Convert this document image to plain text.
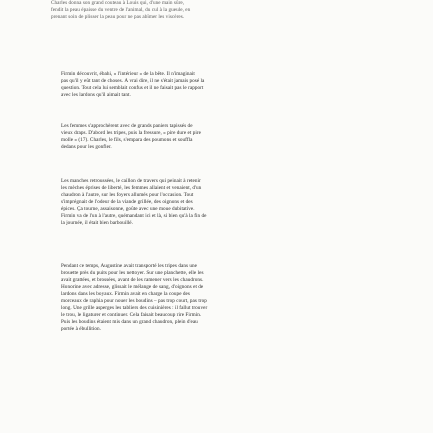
Charles donna son grand couteau à Louis qui, d'une main sûre,
fendit la peau épaisse du ventre de l'animal, du cul à la gueule, en
prenant soin de plisser la peau pour ne pas abîmer les viscères.

Firmin découvrit, ébahi, « l'intérieur » de la bête. Il n'imaginait
pas qu'il y eût tant de choses. À vrai dire, il ne s'était jamais posé la
question. Tout cela lui semblait confus et il ne faisait pas le rapport
avec les lardons qu'il aimait tant.

Les femmes s'approchèrent avec de grands paniers tapissés de
vieux draps. D'abord les tripes, puis la fressure, « pire dure et pire
molle » (17). Charles, le fils, s'empara des poumons et souffla
dedans pour les gonfler.

Les manches retroussées, le caillon de travers qui peinait à retenir
les mèches éprises de liberté, les femmes allaient et venaient, d'un
chaudron à l'autre, sur les foyers allumés pour l'occasion. Tout
s'imprégnait de l'odeur de la viande grillée, des oignons et des
épices. Ça tourne, assaisonne, goûte avec une moue dubitative.
Firmin va de l'un à l'autre, quémandant ici et là, si bien qu'à la fin de
la journée, il était bien barbouillé.

Pendant ce temps, Augustine avait transporté les tripes dans une
brouette près du puits pour les nettoyer. Sur une planchette, elle les
avait grattées, et brossées, avant de les ramener vers les chaudrons.
Honorine avec adresse, glissait le mélange de sang, d'oignons et de
lardons dans les boyaux. Firmin avait en charge la coupe des
morceaux de raphia pour nouer les boudins – pas trop court, pas trop
long. Une grille asperges les tabliers des cuisinières : il fallut trouver
le trou, le ligaturer et continuer. Cela faisait beaucoup rire Firmin.
Puis les boudins étaient mis dans un grand chaudron, plein d'eau
portée à ébullition.
